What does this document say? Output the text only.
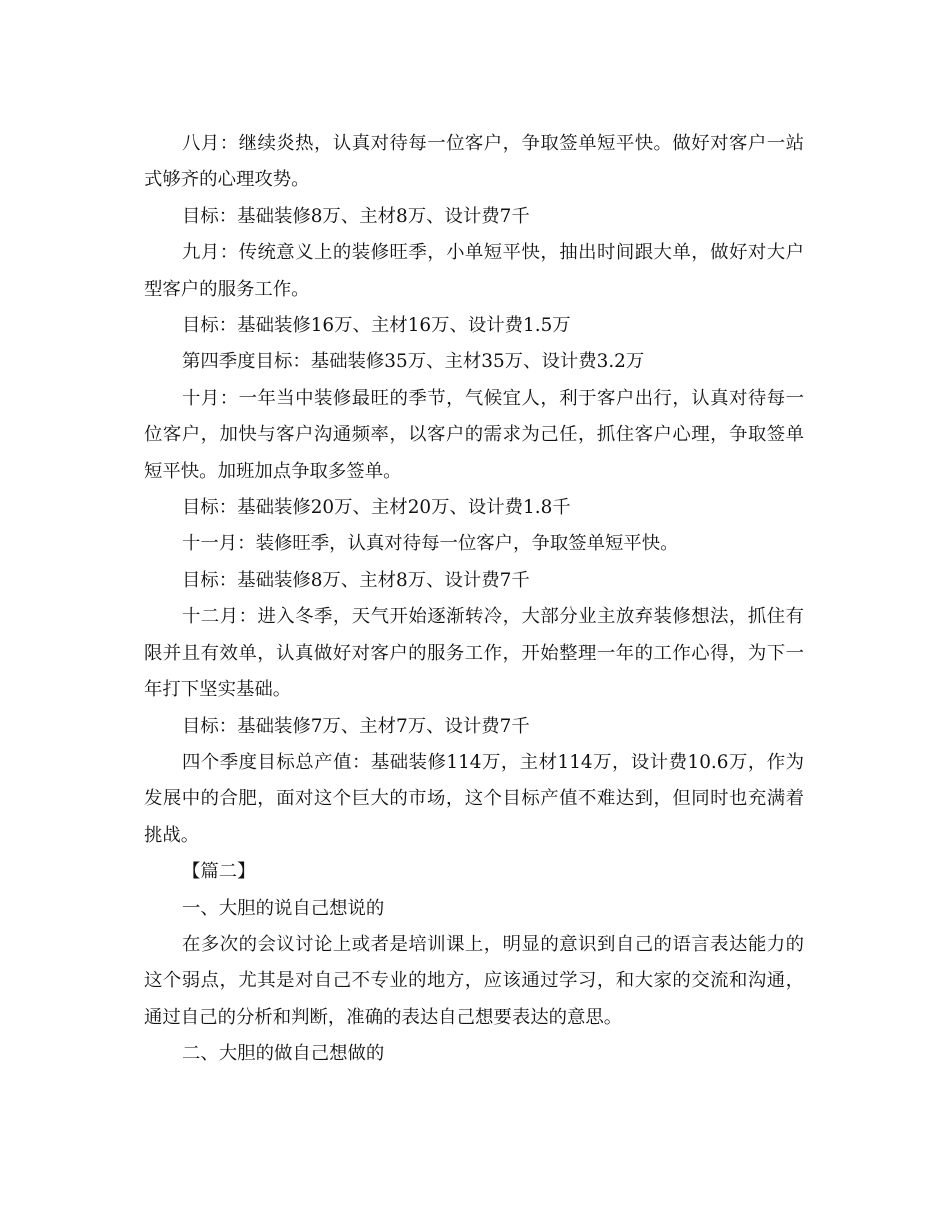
八月：继续炎热，认真对待每一位客户，争取签单短平快。做好对客户一站式够齐的心理攻势。

目标：基础装修8万、主材8万、设计费7千

九月：传统意义上的装修旺季，小单短平快，抽出时间跟大单，做好对大户型客户的服务工作。

目标：基础装修16万、主材16万、设计费1.5万

第四季度目标：基础装修35万、主材35万、设计费3.2万

十月：一年当中装修最旺的季节，气候宜人，利于客户出行，认真对待每一位客户，加快与客户沟通频率，以客户的需求为己任，抓住客户心理，争取签单短平快。加班加点争取多签单。

目标：基础装修20万、主材20万、设计费1.8千

十一月：装修旺季，认真对待每一位客户，争取签单短平快。

目标：基础装修8万、主材8万、设计费7千

十二月：进入冬季，天气开始逐渐转冷，大部分业主放弃装修想法，抓住有限并且有效单，认真做好对客户的服务工作，开始整理一年的工作心得，为下一年打下坚实基础。

目标：基础装修7万、主材7万、设计费7千

四个季度目标总产值：基础装修114万，主材114万，设计费10.6万，作为发展中的合肥，面对这个巨大的市场，这个目标产值不难达到，但同时也充满着挑战。

【篇二】

一、大胆的说自己想说的

在多次的会议讨论上或者是培训课上，明显的意识到自己的语言表达能力的这个弱点，尤其是对自己不专业的地方，应该通过学习，和大家的交流和沟通，通过自己的分析和判断，准确的表达自己想要表达的意思。

二、大胆的做自己想做的
